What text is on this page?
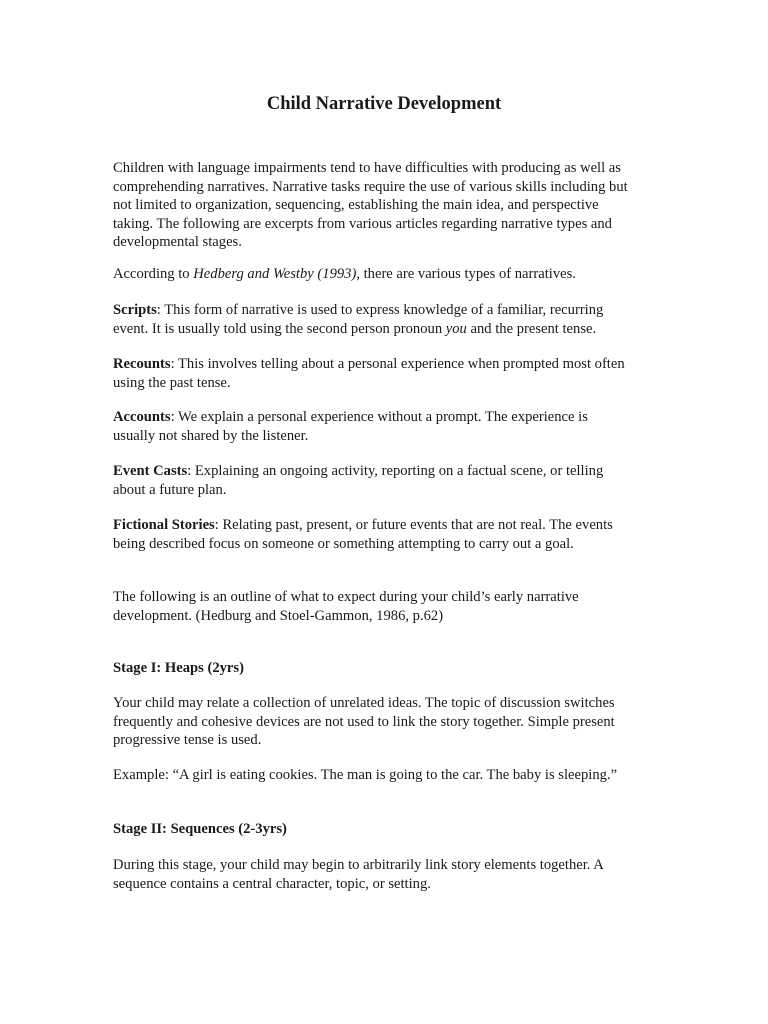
Child Narrative Development

Children with language impairments tend to have difficulties with producing as well as
comprehending narratives. Narrative tasks require the use of various skills including but
not limited to organization, sequencing, establishing the main idea, and perspective
taking. The following are excerpts from various articles regarding narrative types and
developmental stages.

According to Hedberg and Westby (1993), there are various types of narratives.

Scripts: This form of narrative is used to express knowledge of a familiar, recurring
event. It is usually told using the second person pronoun you and the present tense.

Recounts: This involves telling about a personal experience when prompted most often
using the past tense.

Accounts: We explain a personal experience without a prompt. The experience is
usually not shared by the listener.

Event Casts: Explaining an ongoing activity, reporting on a factual scene, or telling
about a future plan.

Fictional Stories: Relating past, present, or future events that are not real. The events
being described focus on someone or something attempting to carry out a goal.

The following is an outline of what to expect during your child’s early narrative
development. (Hedburg and Stoel-Gammon, 1986, p.62)

Stage I: Heaps (2yrs)

Your child may relate a collection of unrelated ideas. The topic of discussion switches
frequently and cohesive devices are not used to link the story together. Simple present
progressive tense is used.

Example: “A girl is eating cookies. The man is going to the car. The baby is sleeping.”

Stage II: Sequences (2-3yrs)

During this stage, your child may begin to arbitrarily link story elements together. A
sequence contains a central character, topic, or setting.
